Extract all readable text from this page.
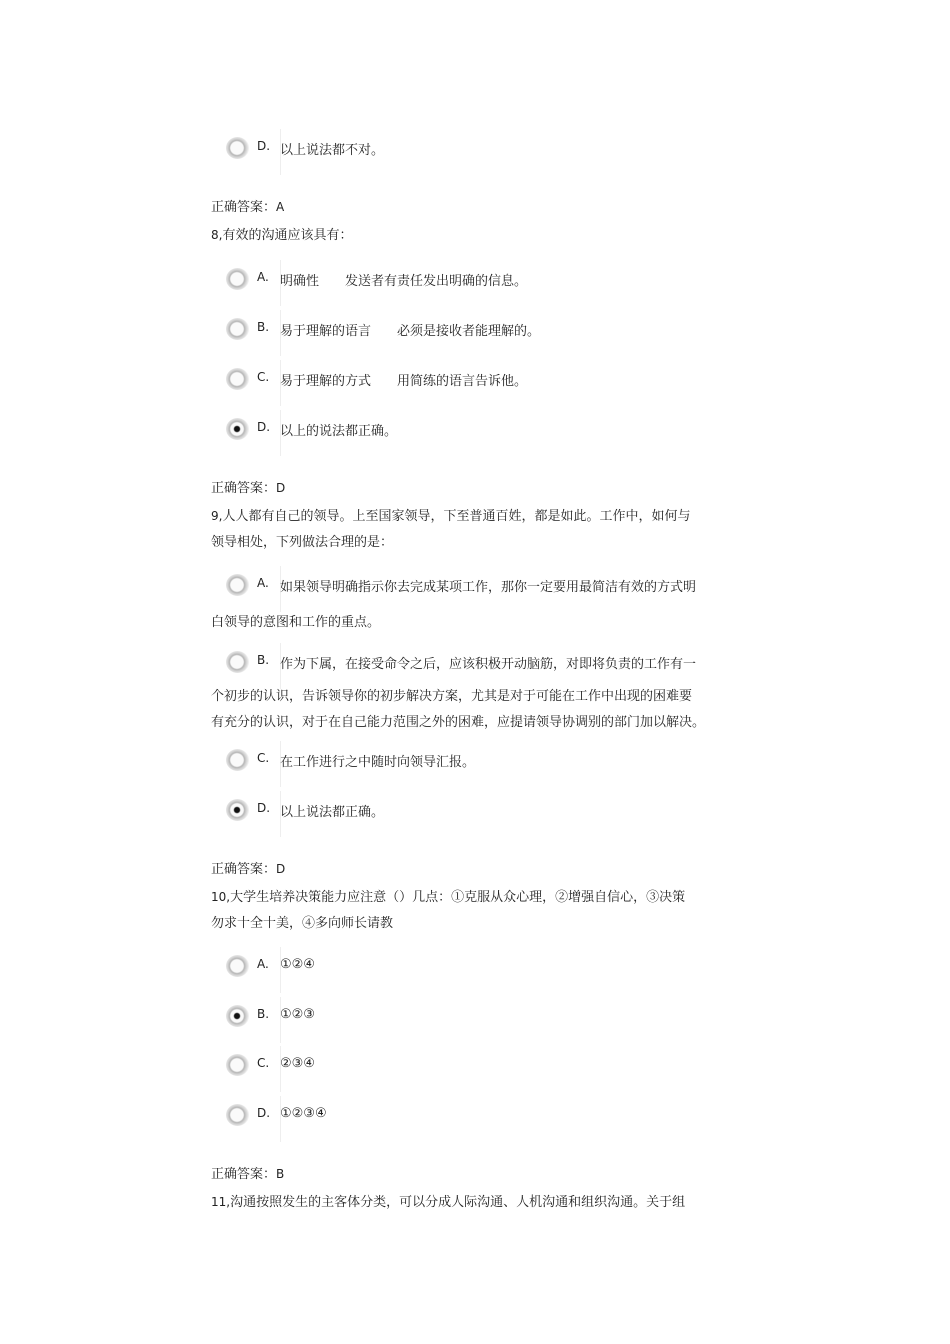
D. 以上说法都不对。
正确答案：A
8,有效的沟通应该具有：
A. 明确性　　发送者有责任发出明确的信息。
B. 易于理解的语言　　必须是接收者能理解的。
C. 易于理解的方式　　用简练的语言告诉他。
D. 以上的说法都正确。
正确答案：D
9,人人都有自己的领导。上至国家领导，下至普通百姓，都是如此。工作中，如何与
领导相处，下列做法合理的是：
A. 如果领导明确指示你去完成某项工作，那你一定要用最简洁有效的方式明
白领导的意图和工作的重点。
B. 作为下属，在接受命令之后，应该积极开动脑筋，对即将负责的工作有一
个初步的认识，告诉领导你的初步解决方案，尤其是对于可能在工作中出现的困难要
有充分的认识，对于在自己能力范围之外的困难，应提请领导协调别的部门加以解决。
C. 在工作进行之中随时向领导汇报。
D. 以上说法都正确。
正确答案：D
10,大学生培养决策能力应注意（）几点：①克服从众心理，②增强自信心，③决策
勿求十全十美，④多向师长请教
A. ①②④
B. ①②③
C. ②③④
D. ①②③④
正确答案：B
11,沟通按照发生的主客体分类，可以分成人际沟通、人机沟通和组织沟通。关于组
